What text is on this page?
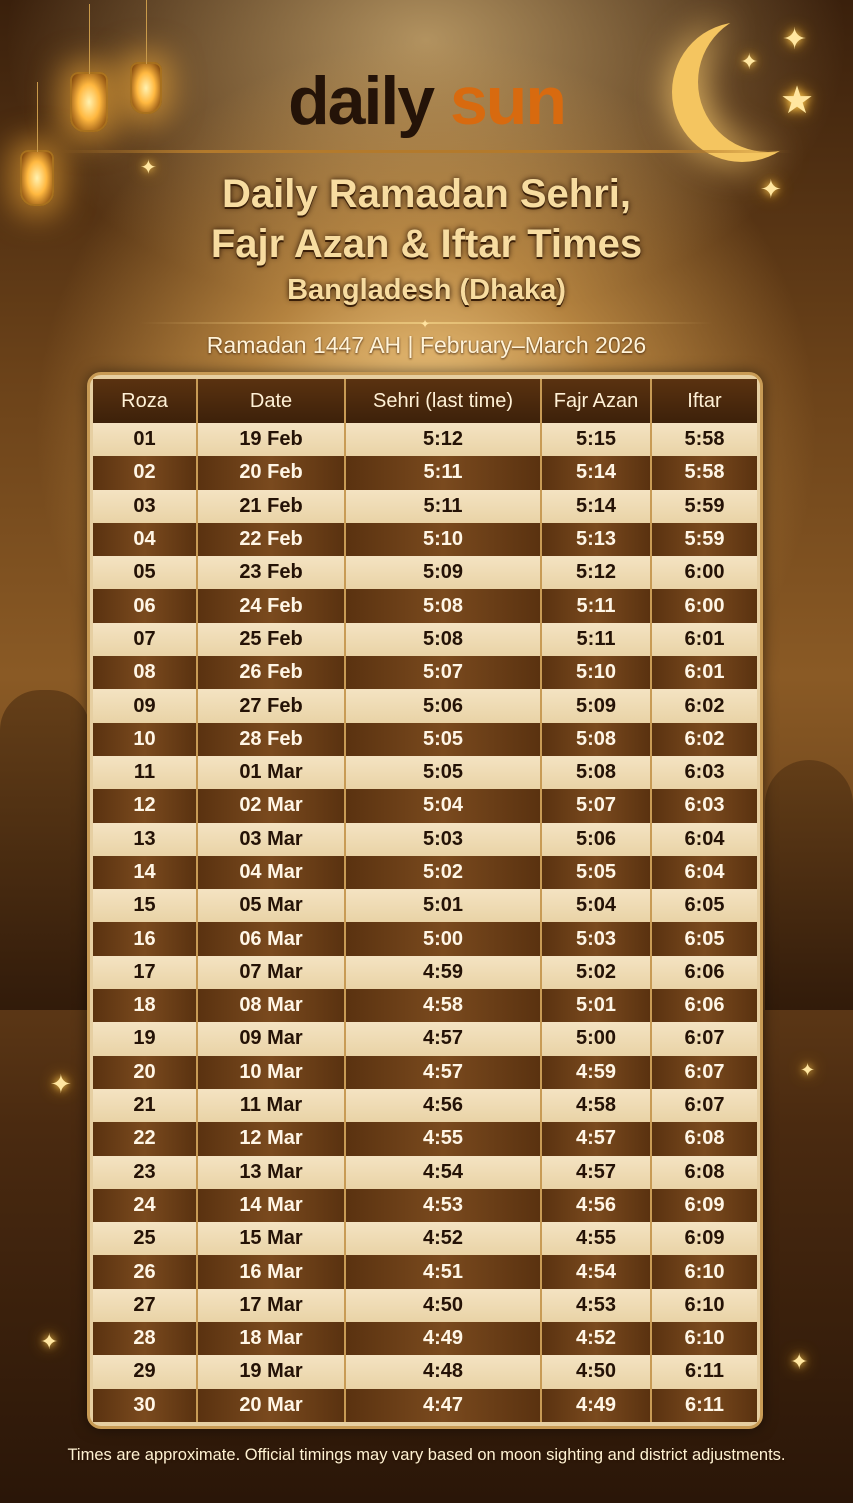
✦
★
✦
✦
✦
✦
✦
✦
✦
daily sun
Daily Ramadan Sehri,
Fajr Azan & Iftar Times
Bangladesh (Dhaka)
✦
Ramadan 1447 AH | February–March 2026
Roza	Date	Sehri (last time)	Fajr Azan	Iftar
01	19 Feb	5:12	5:15	5:58
02	20 Feb	5:11	5:14	5:58
03	21 Feb	5:11	5:14	5:59
04	22 Feb	5:10	5:13	5:59
05	23 Feb	5:09	5:12	6:00
06	24 Feb	5:08	5:11	6:00
07	25 Feb	5:08	5:11	6:01
08	26 Feb	5:07	5:10	6:01
09	27 Feb	5:06	5:09	6:02
10	28 Feb	5:05	5:08	6:02
11	01 Mar	5:05	5:08	6:03
12	02 Mar	5:04	5:07	6:03
13	03 Mar	5:03	5:06	6:04
14	04 Mar	5:02	5:05	6:04
15	05 Mar	5:01	5:04	6:05
16	06 Mar	5:00	5:03	6:05
17	07 Mar	4:59	5:02	6:06
18	08 Mar	4:58	5:01	6:06
19	09 Mar	4:57	5:00	6:07
20	10 Mar	4:57	4:59	6:07
21	11 Mar	4:56	4:58	6:07
22	12 Mar	4:55	4:57	6:08
23	13 Mar	4:54	4:57	6:08
24	14 Mar	4:53	4:56	6:09
25	15 Mar	4:52	4:55	6:09
26	16 Mar	4:51	4:54	6:10
27	17 Mar	4:50	4:53	6:10
28	18 Mar	4:49	4:52	6:10
29	19 Mar	4:48	4:50	6:11
30	20 Mar	4:47	4:49	6:11
Times are approximate. Official timings may vary based on moon sighting and district adjustments.
